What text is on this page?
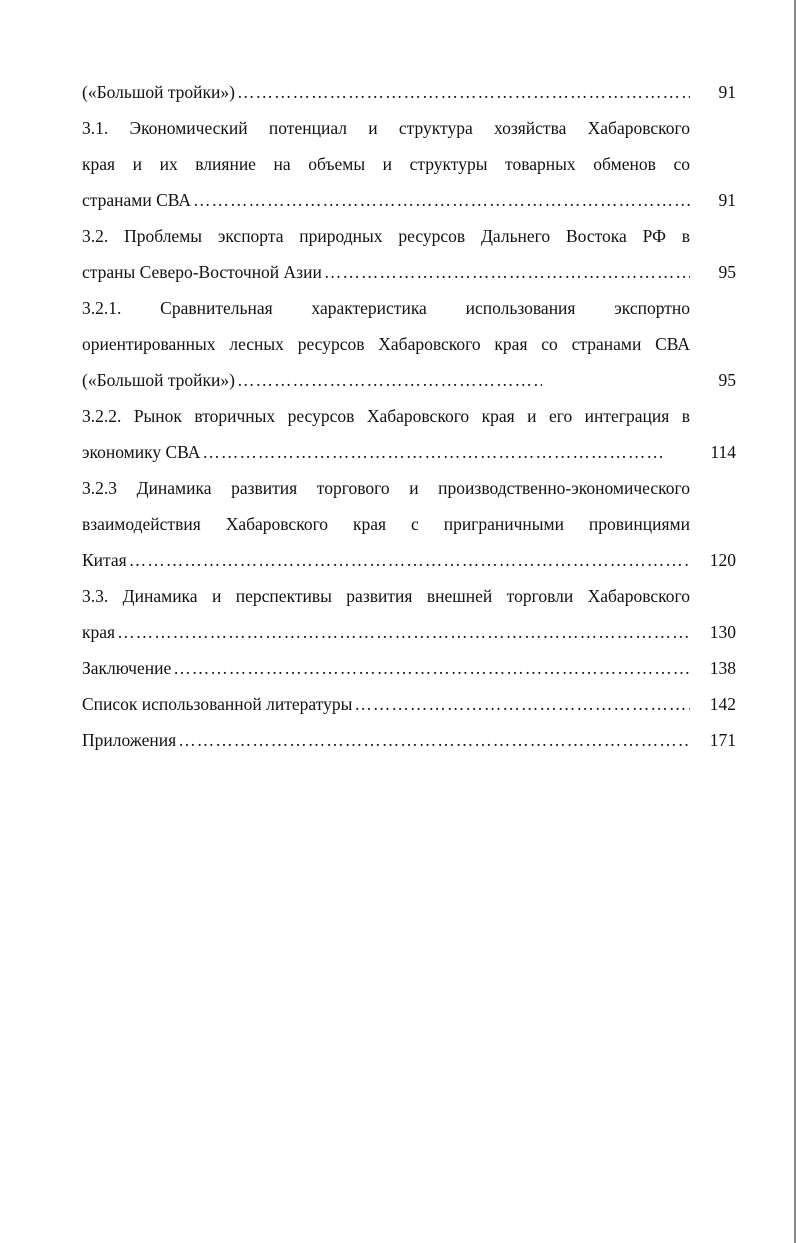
(«Большой тройки») ……………………………………………………………………………………………………………………………………………………	91
3.1. Экономический потенциал и структура хозяйства Хабаровского
края и их влияние на объемы и структуры товарных обменов со
странами СВА ……………………………………………………………………………………………………………………………………………………	91
3.2. Проблемы экспорта природных ресурсов Дальнего Востока РФ в
страны Северо-Восточной Азии ……………………………………………………………………………………………………………………………………………………	95
3.2.1. Сравнительная характеристика использования экспортно
ориентированных лесных ресурсов Хабаровского края со странами СВА
(«Большой тройки») ……………………………………………………………………………………………………………………………………………………	95
3.2.2. Рынок вторичных ресурсов Хабаровского края и его интеграция в
экономику СВА ……………………………………………………………………………………………………………………………………………………	114
3.2.3 Динамика развития торгового и производственно-экономического
взаимодействия Хабаровского края с приграничными провинциями
Китая ……………………………………………………………………………………………………………………………………………………	120
3.3. Динамика и перспективы развития внешней торговли Хабаровского
края ……………………………………………………………………………………………………………………………………………………	130
Заключение ……………………………………………………………………………………………………………………………………………………	138
Список использованной литературы ……………………………………………………………………………………………………………………………………………………	142
Приложения ……………………………………………………………………………………………………………………………………………………	171
